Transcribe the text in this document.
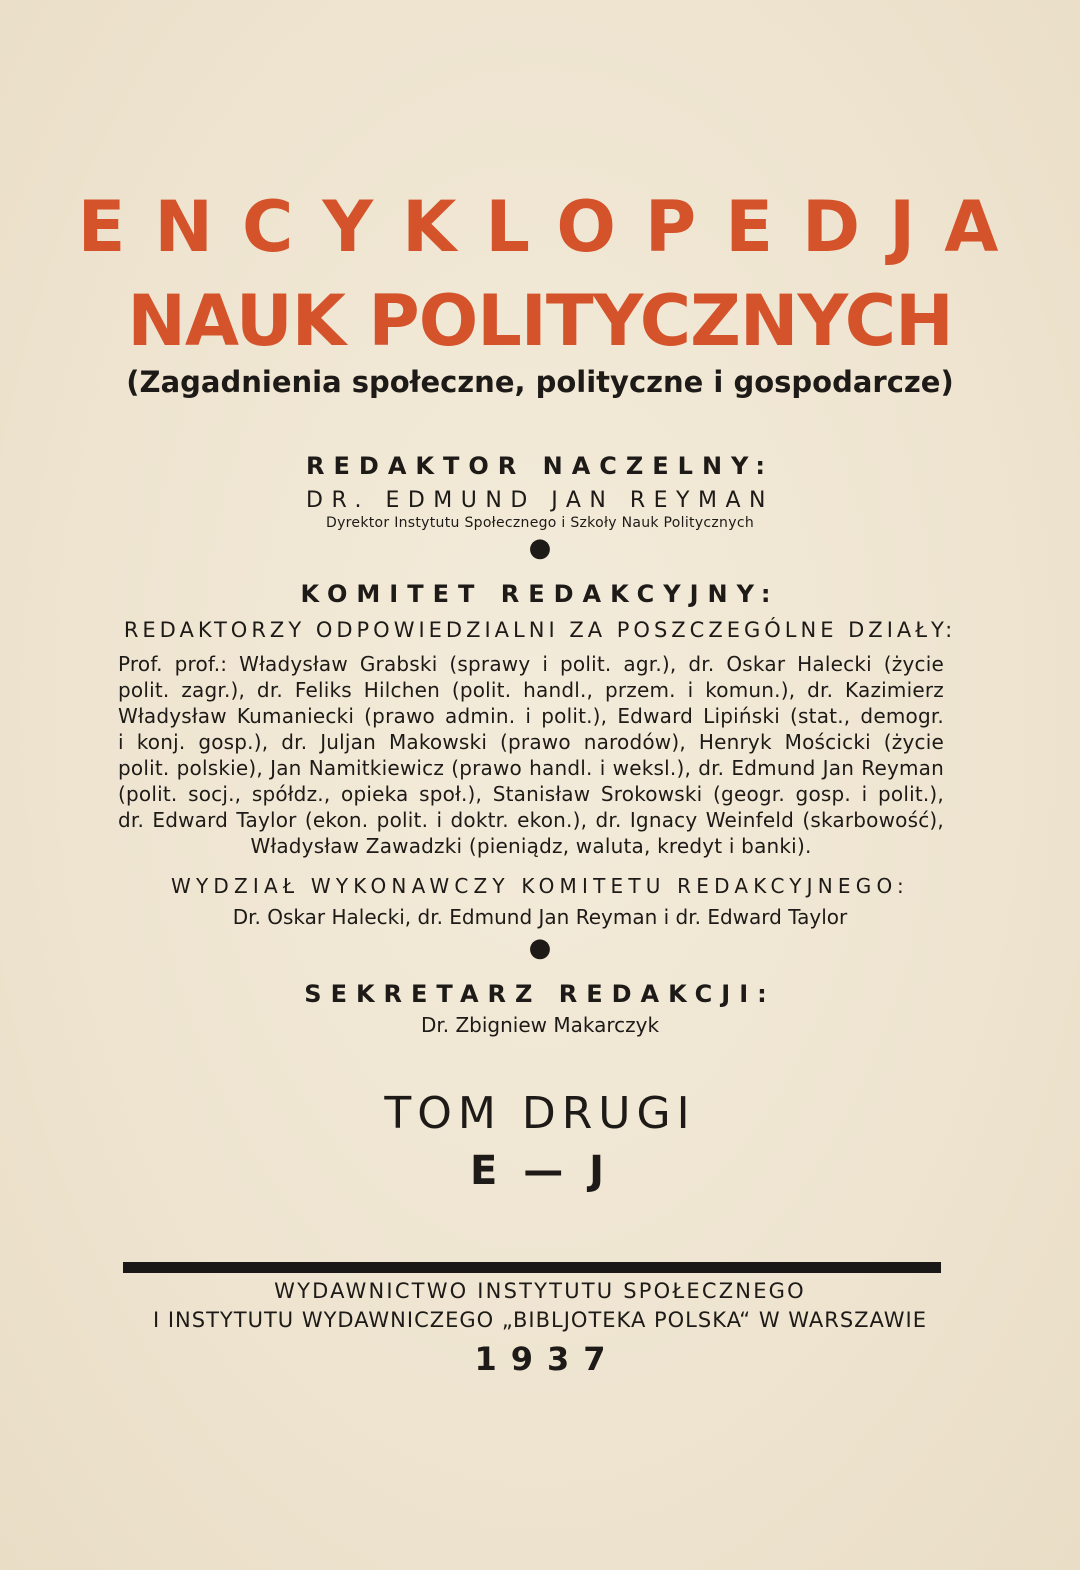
ENCYKLOPEDJA
NAUK POLITYCZNYCH
(Zagadnienia społeczne, polityczne i gospodarcze)
REDAKTOR NACZELNY:
DR. EDMUND JAN REYMAN
Dyrektor Instytutu Społecznego i Szkoły Nauk Politycznych
●
KOMITET REDAKCYJNY:
REDAKTORZY ODPOWIEDZIALNI ZA POSZCZEGÓLNE DZIAŁY:
Prof. prof.: Władysław Grabski (sprawy i polit. agr.), dr. Oskar Halecki (życie
polit. zagr.), dr. Feliks Hilchen (polit. handl., przem. i komun.), dr. Kazimierz
Władysław Kumaniecki (prawo admin. i polit.), Edward Lipiński (stat., demogr.
i konj. gosp.), dr. Juljan Makowski (prawo narodów), Henryk Mościcki (życie
polit. polskie), Jan Namitkiewicz (prawo handl. i weksl.), dr. Edmund Jan Reyman
(polit. socj., spółdz., opieka społ.), Stanisław Srokowski (geogr. gosp. i polit.),
dr. Edward Taylor (ekon. polit. i doktr. ekon.), dr. Ignacy Weinfeld (skarbowość),
Władysław Zawadzki (pieniądz, waluta, kredyt i banki).
WYDZIAŁ WYKONAWCZY KOMITETU REDAKCYJNEGO:
Dr. Oskar Halecki, dr. Edmund Jan Reyman i dr. Edward Taylor
●
SEKRETARZ REDAKCJI:
Dr. Zbigniew Makarczyk
TOM DRUGI
E — J
WYDAWNICTWO INSTYTUTU SPOŁECZNEGO
I INSTYTUTU WYDAWNICZEGO „BIBLJOTEKA POLSKA“ W WARSZAWIE
1937
